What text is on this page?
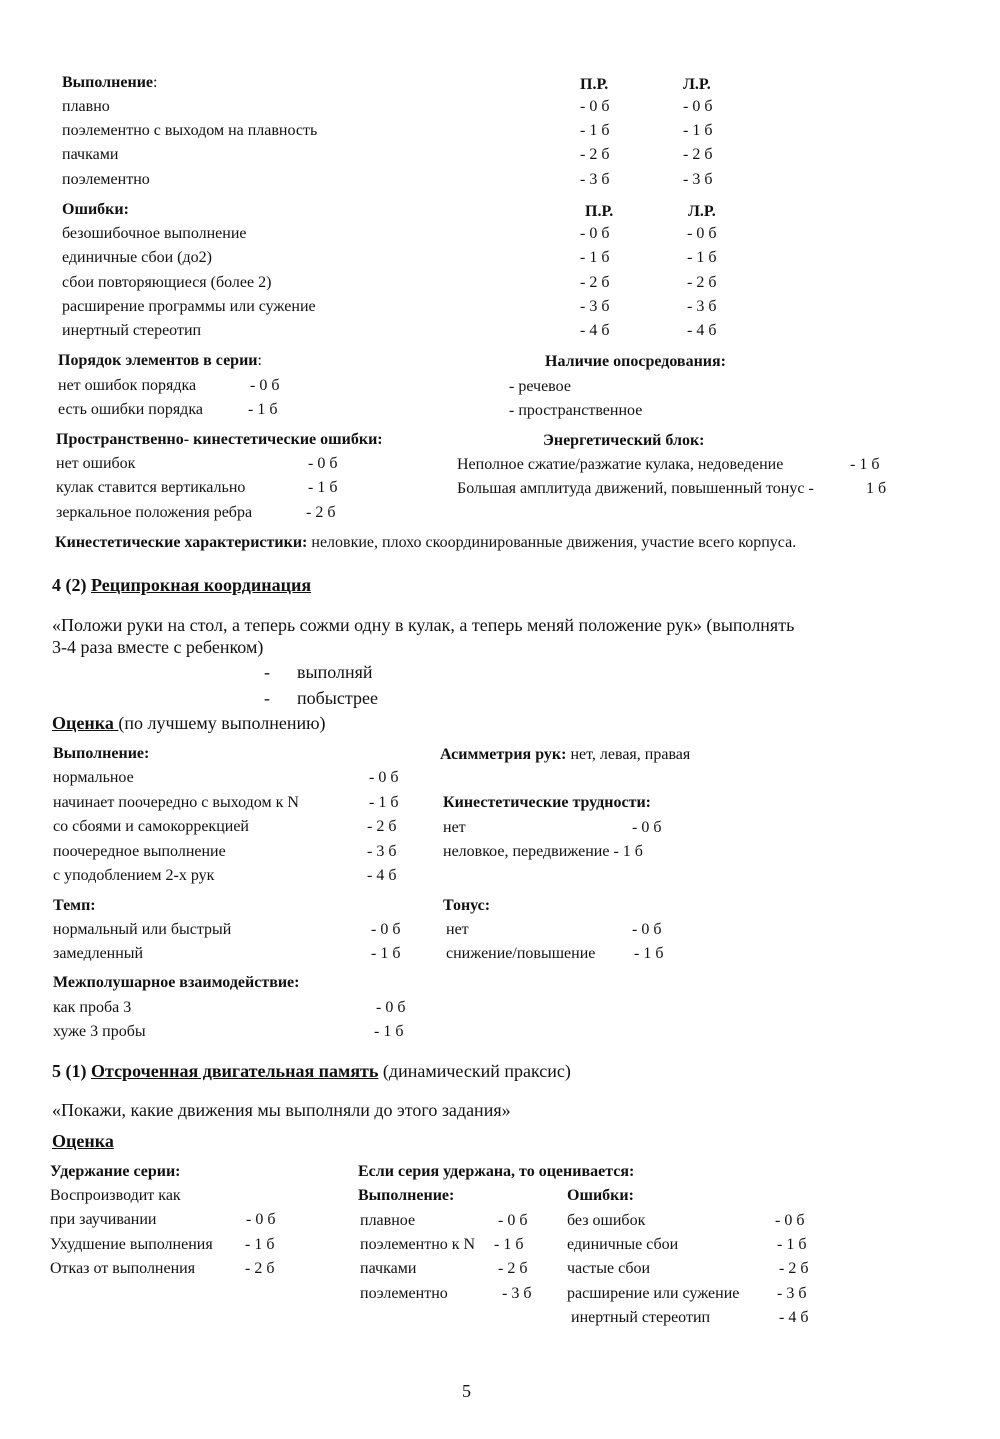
Выполнение:	П.Р.	Л.Р.
плавно	- 0 б	- 0 б
поэлементно с выходом на плавность	- 1 б	- 1 б
пачками	- 2 б	- 2 б
поэлементно	- 3 б	- 3 б
Ошибки:	П.Р.	Л.Р.
безошибочное выполнение	- 0 б	- 0 б
единичные сбои (до2)	- 1 б	- 1 б
сбои повторяющиеся (более 2)	- 2 б	- 2 б
расширение программы или сужение	- 3 б	- 3 б
инертный стереотип	- 4 б	- 4 б
Порядок элементов в серии:
нет ошибок порядка	- 0 б
есть ошибки порядка	- 1 б
Наличие опосредования:
- речевое
- пространственное
Пространственно- кинестетические ошибки:
нет ошибок	- 0 б
кулак ставится вертикально	- 1 б
зеркальное положения ребра	- 2 б
Энергетический блок:
Неполное сжатие/разжатие кулака, недоведение	- 1 б
Большая амплитуда движений, повышенный тонус -	1 б
Кинестетические характеристики: неловкие, плохо скоординированные движения, участие всего корпуса.
4 (2) Реципрокная координация
«Положи руки на стол, а теперь сожми одну в кулак, а теперь меняй положение рук» (выполнять
3-4 раза вместе с ребенком)
- выполняй
- побыстрее
Оценка (по лучшему выполнению)
Выполнение:
нормальное	- 0 б
начинает поочередно с выходом к N	- 1 б
со сбоями и самокоррекцией	- 2 б
поочередное выполнение	- 3 б
с уподоблением 2-х рук	- 4 б
Асимметрия рук: нет, левая, правая
Кинестетические трудности:
нет	- 0 б
неловкое, передвижение - 1 б
Темп:
нормальный или быстрый	- 0 б
замедленный	- 1 б
Тонус:
нет	- 0 б
снижение/повышение - 1 б
Межполушарное взаимодействие:
как проба 3	- 0 б
хуже 3 пробы	- 1 б
5 (1) Отсроченная двигательная память (динамический праксис)
«Покажи, какие движения мы выполняли до этого задания»
Оценка
Удержание серии:
Воспроизводит как
при заучивании	- 0 б
Ухудшение выполнения - 1 б
Отказ от выполнения	- 2 б
Если серия удержана, то оценивается:
Выполнение:
плавное	- 0 б
поэлементно к N - 1 б
пачками	- 2 б
поэлементно	- 3 б
Ошибки:
без ошибок	- 0 б
единичные сбои	- 1 б
частые сбои	- 2 б
расширение или сужение - 3 б
инертный стереотип	- 4 б
5
